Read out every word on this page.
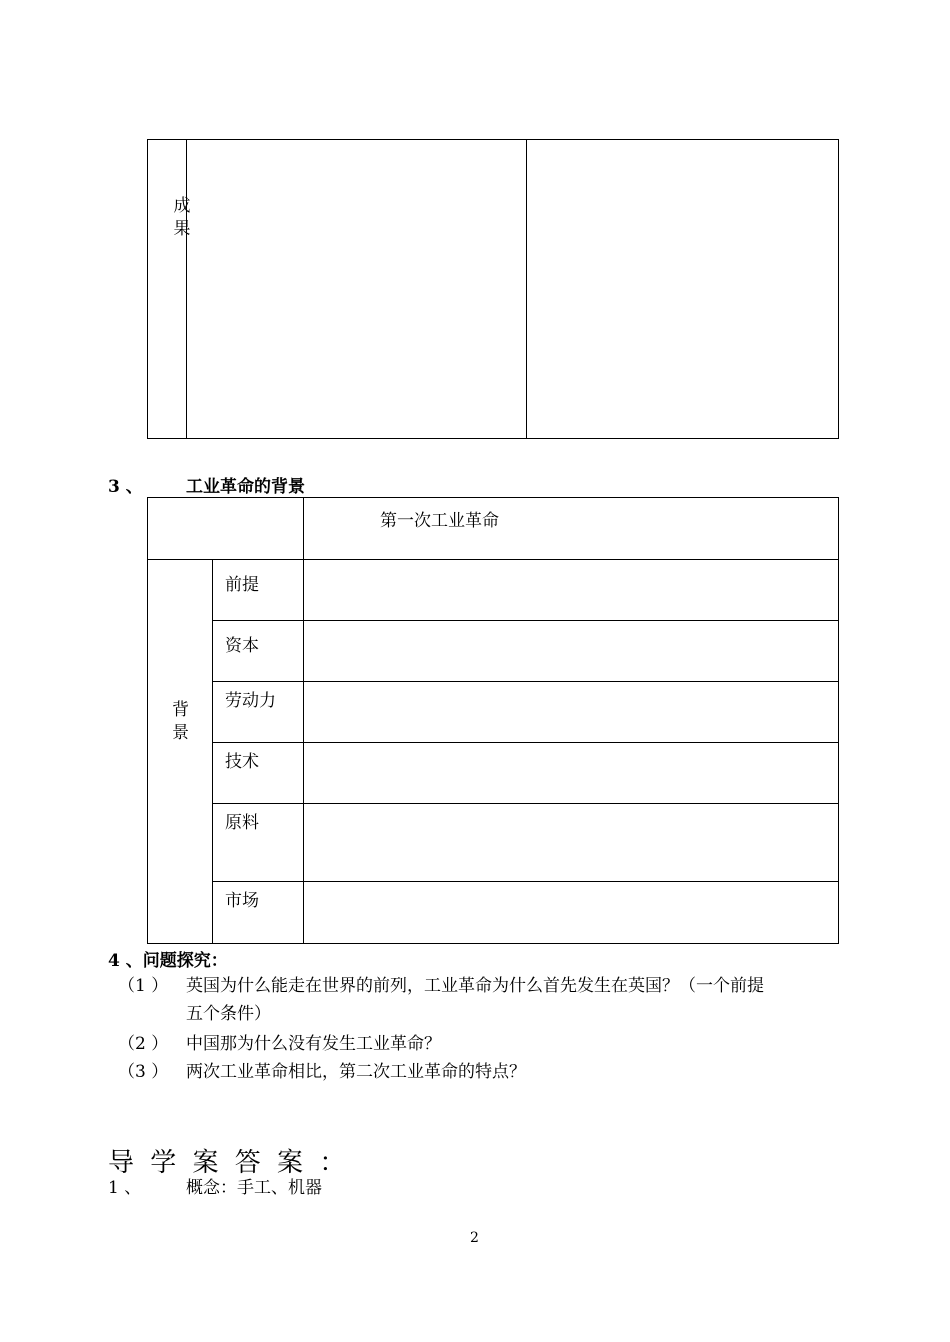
成果

3 、	工业革命的背景

		第一次工业革命

背景	前提	

	资本	

	劳动力	

	技术	

	原料	

	市场	

4 、问题探究：
（1 ） 英国为什么能走在世界的前列，工业革命为什么首先发生在英国？（一个前提
五个条件）
（2 ） 中国那为什么没有发生工业革命？
（3 ） 两次工业革命相比，第二次工业革命的特点？
导 学 案 答 案 ：
1 、	概念：手工、机器
2
